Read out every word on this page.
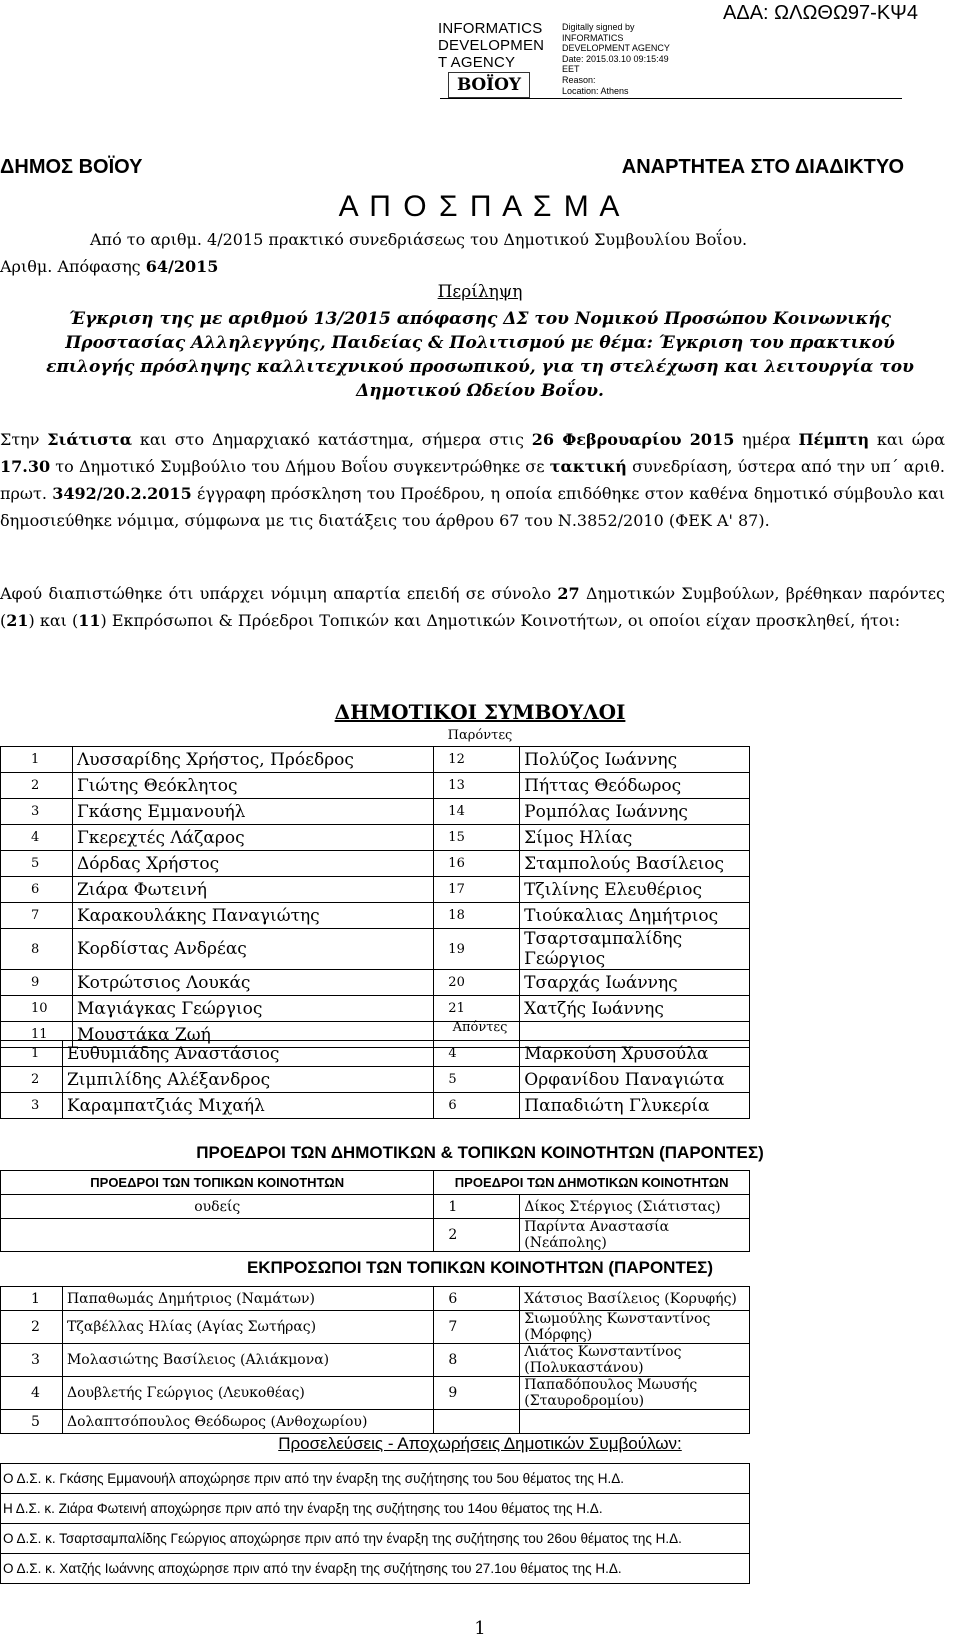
ΑΔΑ: ΩΛΩΘΩ97-ΚΨ4
INFORMATICS
DEVELOPMEN
T AGENCY
ΒΟΪΟΥ
Digitally signed by
INFORMATICS
DEVELOPMENT AGENCY
Date: 2015.03.10 09:15:49
EET
Reason:
Location: Athens
ΔΗΜΟΣ ΒΟΪΟΥ	ΑΝΑΡΤΗΤΕΑ ΣΤΟ ΔΙΑΔΙΚΤΥΟ
Α Π Ο Σ Π Α Σ Μ Α
Από το αριθμ. 4/2015 πρακτικό συνεδριάσεως του Δημοτικού Συμβουλίου Βοΐου.
Αριθμ. Απόφασης 64/2015
Περίληψη
Έγκριση της με αριθμού 13/2015 απόφασης ΔΣ του Νομικού Προσώπου Κοινωνικής Προστασίας Αλληλεγγύης, Παιδείας & Πολιτισμού με θέμα: Έγκριση του πρακτικού επιλογής πρόσληψης καλλιτεχνικού προσωπικού, για τη στελέχωση και λειτουργία του Δημοτικού Ωδείου Βοΐου.
Στην Σιάτιστα και στο Δημαρχιακό κατάστημα, σήμερα στις 26 Φεβρουαρίου 2015 ημέρα Πέμπτη και ώρα 17.30 το Δημοτικό Συμβούλιο του Δήμου Βοΐου συγκεντρώθηκε σε τακτική συνεδρίαση, ύστερα από την υπ΄ αριθ. πρωτ. 3492/20.2.2015 έγγραφη πρόσκληση του Προέδρου, η οποία επιδόθηκε στον καθένα δημοτικό σύμβουλο και δημοσιεύθηκε νόμιμα, σύμφωνα με τις διατάξεις του άρθρου 67 του Ν.3852/2010 (ΦΕΚ Α' 87).
Αφού διαπιστώθηκε ότι υπάρχει νόμιμη απαρτία επειδή σε σύνολο 27 Δημοτικών Συμβούλων, βρέθηκαν παρόντες (21) και (11) Εκπρόσωποι & Πρόεδροι Τοπικών και Δημοτικών Κοινοτήτων, οι οποίοι είχαν προσκληθεί, ήτοι:
ΔΗΜΟΤΙΚΟΙ ΣΥΜΒΟΥΛΟΙ
Παρόντες
1	Λυσσαρίδης Χρήστος, Πρόεδρος	12	Πολύζος Ιωάννης
2	Γιώτης Θεόκλητος	13	Πήττας Θεόδωρος
3	Γκάσης Εμμανουήλ	14	Ρομπόλας Ιωάννης
4	Γκερεχτές Λάζαρος	15	Σίμος Ηλίας
5	Δόρδας Χρήστος	16	Σταμπολούς Βασίλειος
6	Ζιάρα Φωτεινή	17	Τζιλίνης Ελευθέριος
7	Καρακουλάκης Παναγιώτης	18	Τιούκαλιας Δημήτριος
8	Κορδίστας Ανδρέας	19	Τσαρτσαμπαλίδης Γεώργιος
9	Κοτρώτσιος Λουκάς	20	Τσαρχάς Ιωάννης
10	Μαγιάγκας Γεώργιος	21	Χατζής Ιωάννης
11	Μουστάκα Ζωή			Απόντες
1	Ευθυμιάδης Αναστάσιος	4	Μαρκούση Χρυσούλα
2	Ζιμπιλίδης Αλέξανδρος	5	Ορφανίδου Παναγιώτα
3	Καραμπατζιάς Μιχαήλ	6	Παπαδιώτη Γλυκερία
ΠΡΟΕΔΡΟΙ ΤΩΝ ΔΗΜΟΤΙΚΩΝ & ΤΟΠΙΚΩΝ ΚΟΙΝΟΤΗΤΩΝ (ΠΑΡΟΝΤΕΣ)
ΠΡΟΕΔΡΟΙ ΤΩΝ ΤΟΠΙΚΩΝ ΚΟΙΝΟΤΗΤΩΝ	ΠΡΟΕΔΡΟΙ ΤΩΝ ΔΗΜΟΤΙΚΩΝ ΚΟΙΝΟΤΗΤΩΝ	
ουδείς	1	Δίκος Στέργιος (Σιάτιστας)
	2	Παρίντα Αναστασία (Νεάπολης)
ΕΚΠΡΟΣΩΠΟΙ ΤΩΝ ΤΟΠΙΚΩΝ ΚΟΙΝΟΤΗΤΩΝ (ΠΑΡΟΝΤΕΣ)
1	Παπαθωμάς Δημήτριος (Ναμάτων)	6	Χάτσιος Βασίλειος (Κορυφής)
2	Τζαβέλλας Ηλίας (Αγίας Σωτήρας)	7	Σιωμούλης Κωνσταντίνος (Μόρφης)
3	Μολασιώτης Βασίλειος (Αλιάκμονα)	8	Λιάτος Κωνσταντίνος (Πολυκαστάνου)
4	Δουβλετής Γεώργιος (Λευκοθέας)	9	Παπαδόπουλος Μωυσής (Σταυροδρομίου)
5	Δολαπτσόπουλος Θεόδωρος (Ανθοχωρίου)		
Προσελεύσεις - Αποχωρήσεις Δημοτικών Συμβούλων:
Ο Δ.Σ. κ. Γκάσης Εμμανουήλ αποχώρησε πριν από την έναρξη της συζήτησης του 5ου θέματος της Η.Δ.
Η Δ.Σ. κ. Ζιάρα Φωτεινή αποχώρησε πριν από την έναρξη της συζήτησης του 14ου θέματος της Η.Δ.
Ο Δ.Σ. κ. Τσαρτσαμπαλίδης Γεώργιος αποχώρησε πριν από την έναρξη της συζήτησης του 26ου θέματος της Η.Δ.
Ο Δ.Σ. κ. Χατζής Ιωάννης αποχώρησε πριν από την έναρξη της συζήτησης του 27.1ου θέματος της Η.Δ.
1
